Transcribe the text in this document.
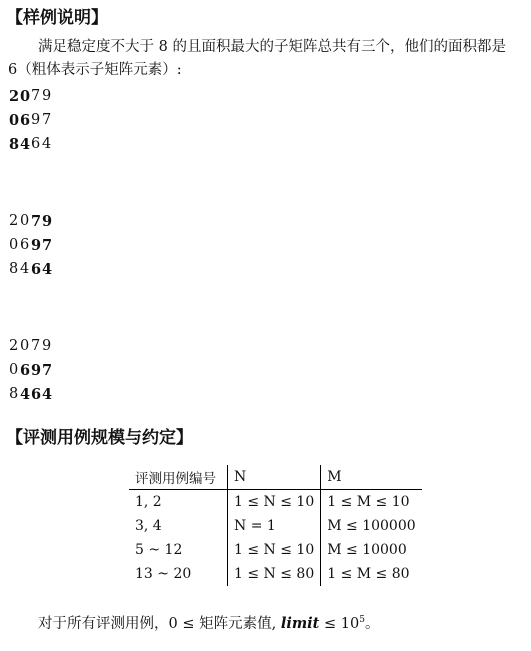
【样例说明】
满足稳定度不大于 8 的且面积最大的子矩阵总共有三个，他们的面积都是
6（粗体表示子矩阵元素）:
2 0 7 9
0 6 9 7
8 4 6 4
2 0 7 9
0 6 9 7
8 4 6 4
2 0 7 9
0 6 9 7
8 4 6 4
【评测用例规模与约定】
评测用例编号	N	M
1, 2	1 ≤ N ≤ 10	1 ≤ M ≤ 10
3, 4	N = 1	M ≤ 100000
5 ~ 12	1 ≤ N ≤ 10	M ≤ 10000
13 ~ 20	1 ≤ N ≤ 80	1 ≤ M ≤ 80
对于所有评测用例，0 ≤ 矩阵元素值, limit ≤ $10^5$。
